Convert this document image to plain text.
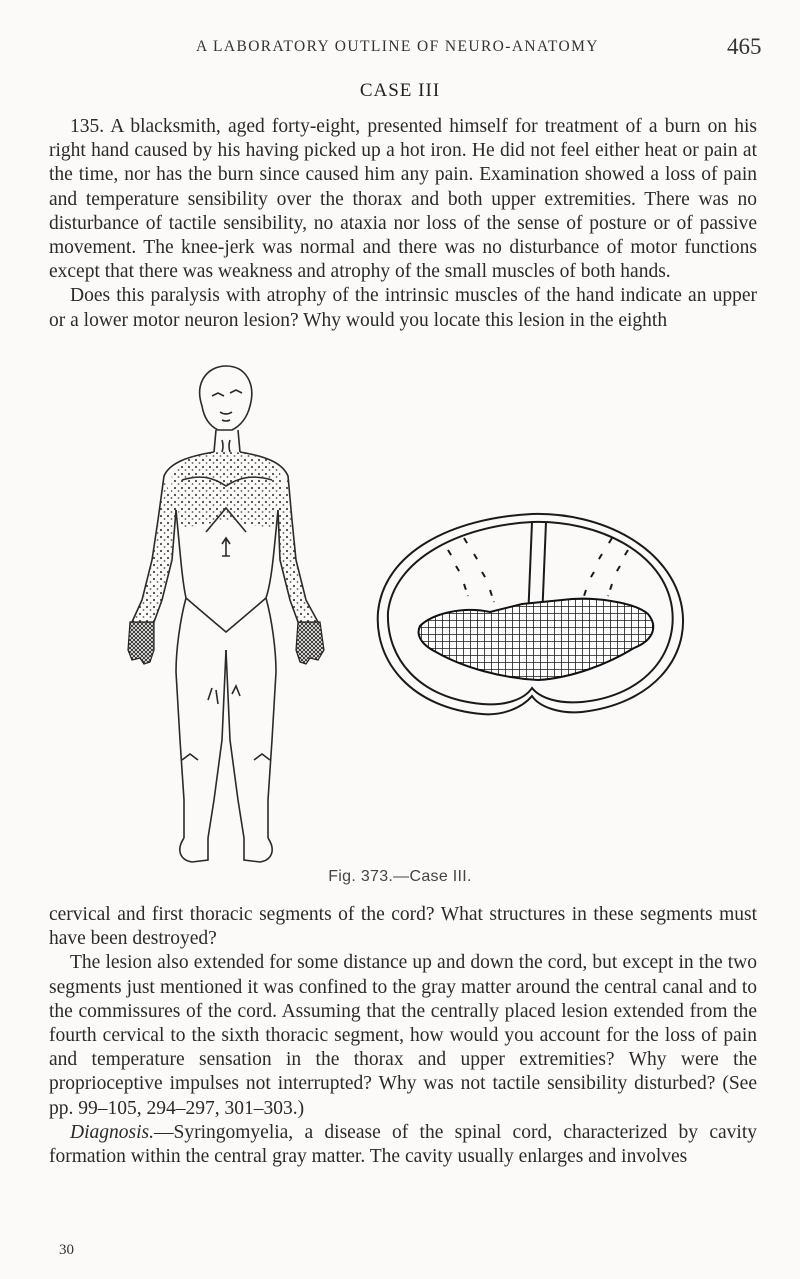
A LABORATORY OUTLINE OF NEURO-ANATOMY	465
CASE III

135. A blacksmith, aged forty-eight, presented himself for treatment of a burn on his right hand caused by his having picked up a hot iron. He did not feel either heat or pain at the time, nor has the burn since caused him any pain. Examination showed a loss of pain and temperature sensibility over the thorax and both upper extremities. There was no disturbance of tactile sensibility, no ataxia nor loss of the sense of posture or of passive movement. The knee-jerk was normal and there was no disturbance of motor functions except that there was weakness and atrophy of the small muscles of both hands.

Does this paralysis with atrophy of the intrinsic muscles of the hand indicate an upper or a lower motor neuron lesion? Why would you locate this lesion in the eighth

Fig. 373.—Case III.

cervical and first thoracic segments of the cord? What structures in these segments must have been destroyed?

The lesion also extended for some distance up and down the cord, but except in the two segments just mentioned it was confined to the gray matter around the central canal and to the commissures of the cord. Assuming that the centrally placed lesion extended from the fourth cervical to the sixth thoracic segment, how would you account for the loss of pain and temperature sensation in the thorax and upper extremities? Why were the proprioceptive impulses not interrupted? Why was not tactile sensibility disturbed? (See pp. 99–105, 294–297, 301–303.)

Diagnosis.—Syringomyelia, a disease of the spinal cord, characterized by cavity formation within the central gray matter. The cavity usually enlarges and involves

30
